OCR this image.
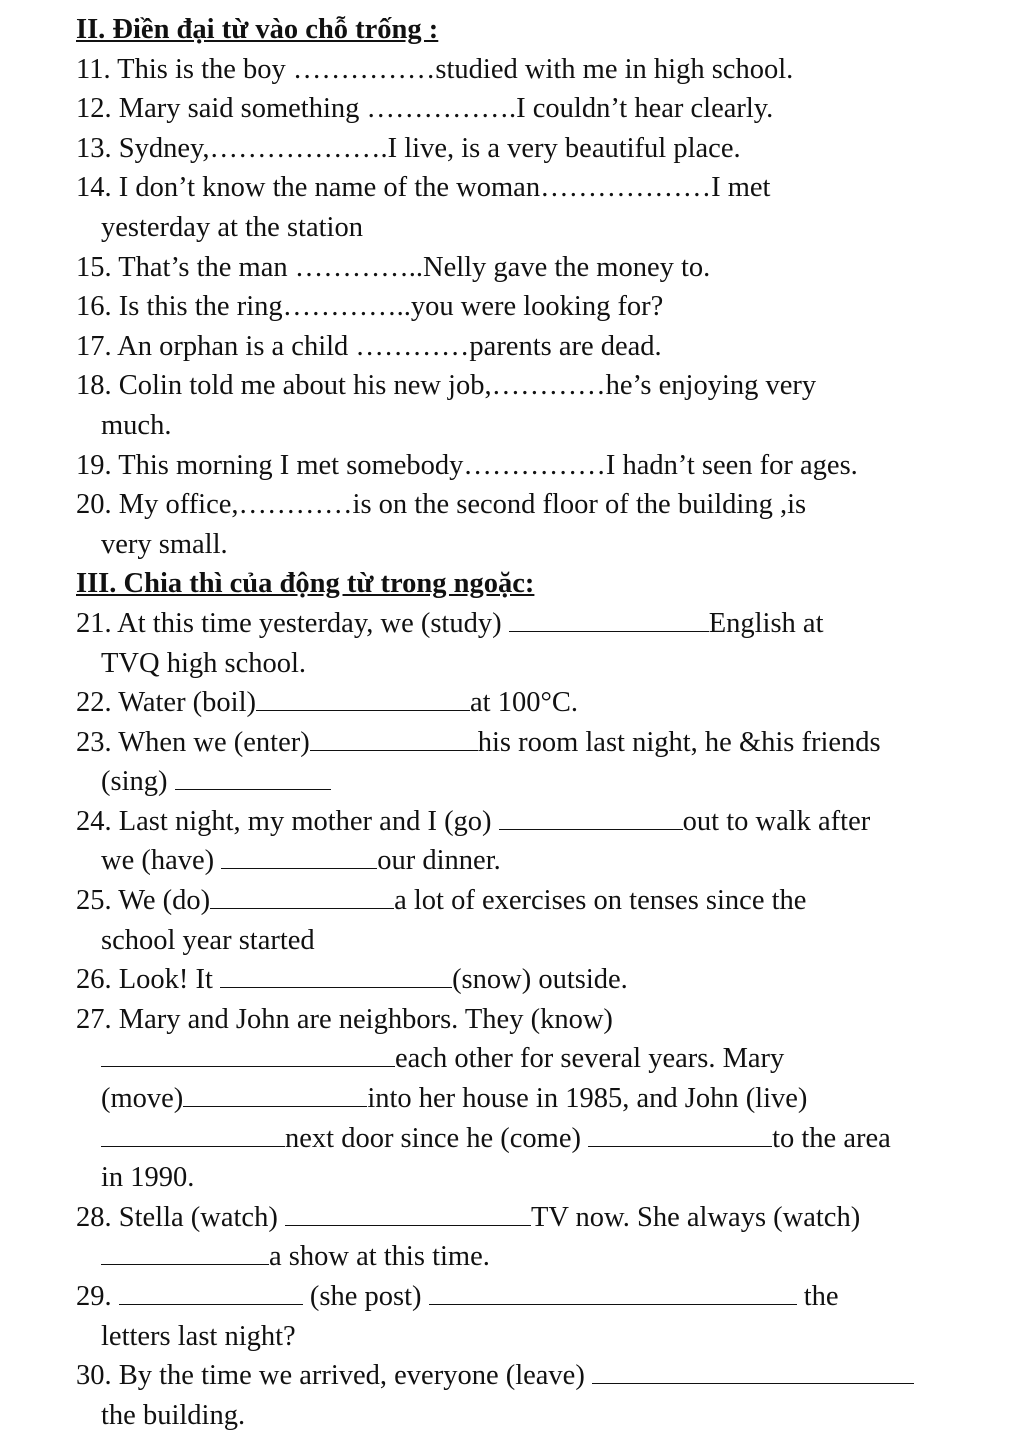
II. Điền đại từ vào chỗ trống :
11. This is the boy ……………studied with me in high school.
12. Mary said something …………….I couldn’t hear clearly.
13. Sydney,……………….I live, is a very beautiful place.
14. I don’t know the name of the woman………………I met
yesterday at the station
15. That’s the man …………..Nelly gave the money to.
16. Is this the ring…………..you were looking for?
17. An orphan is a child …………parents are dead.
18. Colin told me about his new job,…………he’s enjoying very
much.
19. This morning I met somebody……………I hadn’t seen for ages.
20. My office,…………is on the second floor of the building ,is
very small.
III. Chia thì của động từ trong ngoặc:
21. At this time yesterday, we (study)	English at
TVQ high school.
22. Water (boil)	at 100°C.
23. When we (enter)	his room last night, he &his friends
(sing)
24. Last night, my mother and I (go)	out to walk after
we (have)	our dinner.
25. We (do)	a lot of exercises on tenses since the
school year started
26. Look! It	(snow) outside.
27. Mary and John are neighbors. They (know)
each other for several years. Mary
(move)	into her house in 1985, and John (live)
next door since he (come)	to the area
in 1990.
28. Stella (watch)	TV now. She always (watch)
a show at this time.
29.	(she post)	the
letters last night?
30. By the time we arrived, everyone (leave)
the building.
